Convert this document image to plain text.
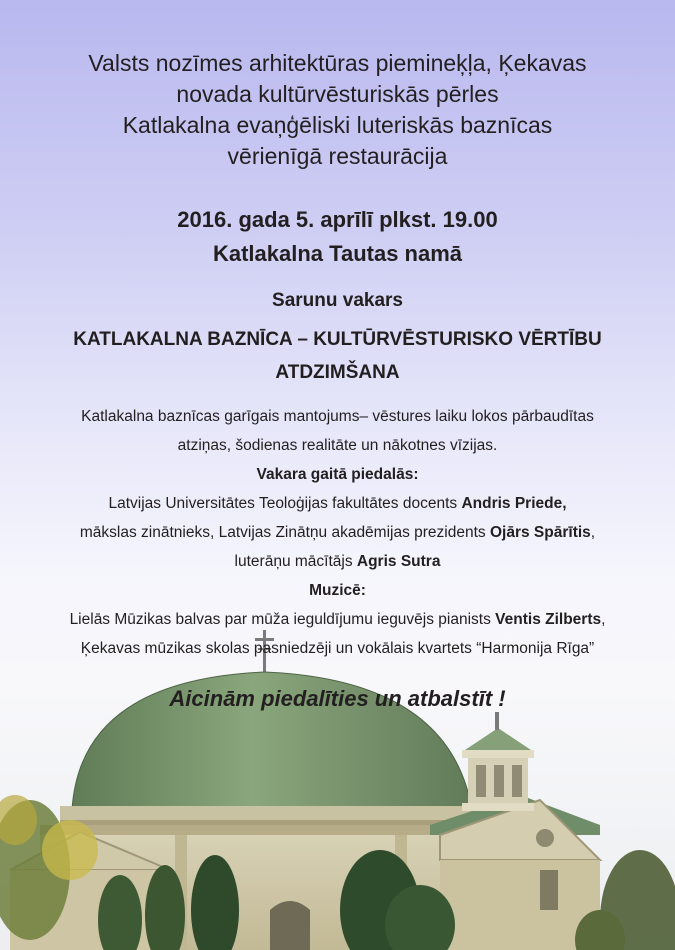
Valsts nozīmes arhitektūras piemineķļa, Ķekavas
novada kultūrvēsturiskās pērles
Katlakalna evaņģēliski luteriskās baznīcas
vērienīgā restaurācija
2016. gada 5. aprīlī plkst. 19.00
Katlakalna Tautas namā
Sarunu vakars
KATLAKALNA BAZNĪCA – KULTŪRVĒSTURISKO VĒRTĪBU
ATDZIMŠANA
Katlakalna baznīcas garīgais mantojums– vēstures laiku lokos pārbaudītas
atziņas, šodienas realitāte un nākotnes vīzijas.
Vakara gaitā piedalās:
Latvijas Universitātes Teoloģijas fakultātes docents Andris Priede,
mākslas zinātnieks, Latvijas Zinātņu akadēmijas prezidents Ojārs Spārītis,
luterāņu mācītājs Agris Sutra
Muzicē:
Lielās Mūzikas balvas par mūža ieguldījumu ieguvējs pianists Ventis Zilberts,
Ķekavas mūzikas skolas pasniedzēji un vokālais kvartets “Harmonija Rīga”
Aicinām piedalīties un atbalstīt !
